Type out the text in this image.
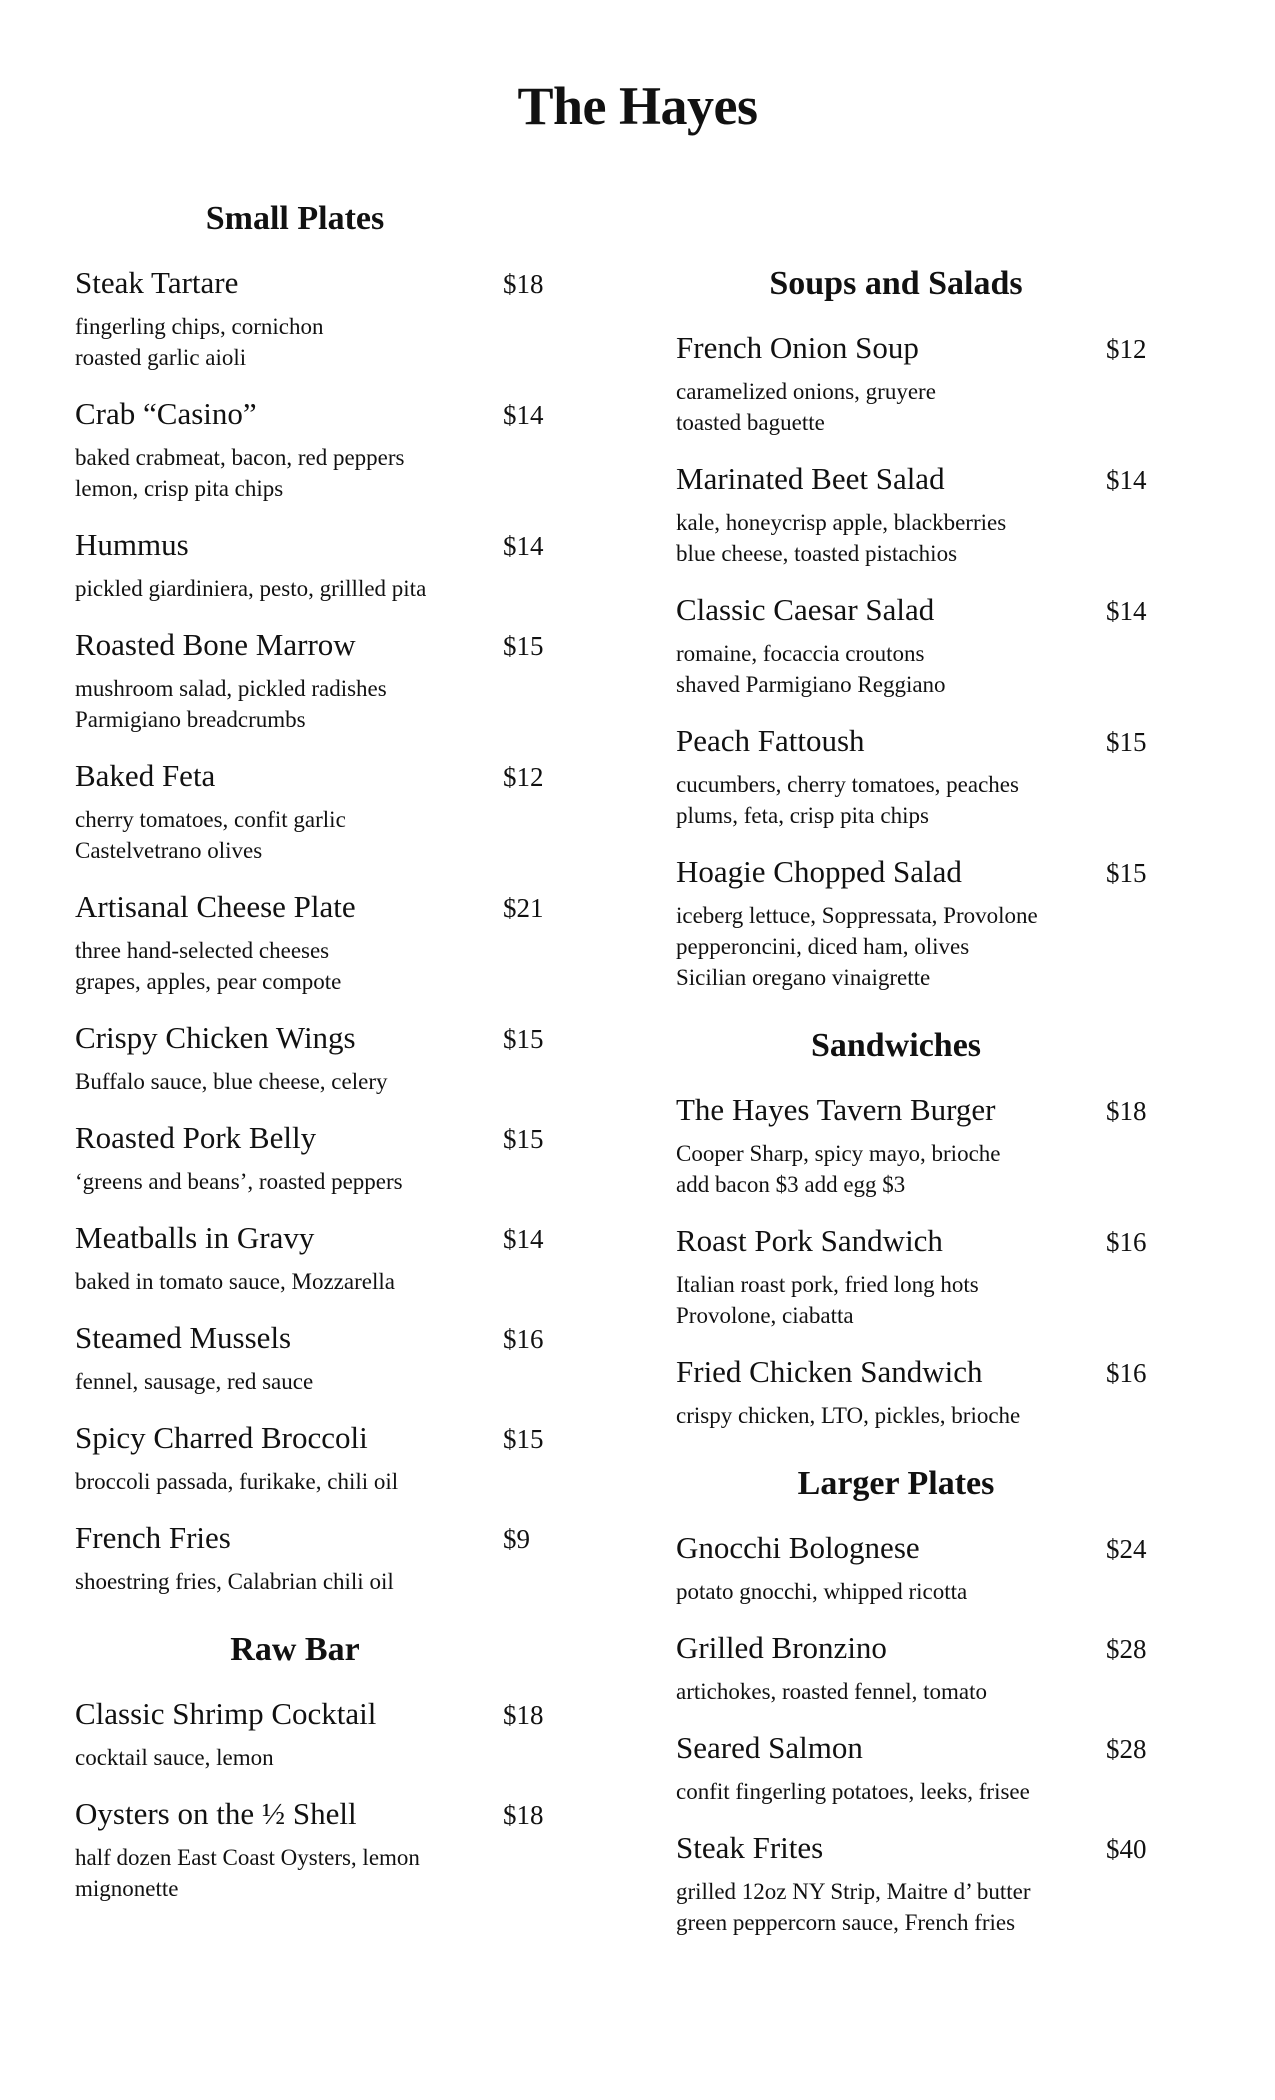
The Hayes
Small Plates
Steak Tartare	$18
fingerling chips, cornichon
roasted garlic aioli
Crab “Casino”	$14
baked crabmeat, bacon, red peppers
lemon, crisp pita chips
Hummus	$14
pickled giardiniera, pesto, grillled pita
Roasted Bone Marrow	$15
mushroom salad, pickled radishes
Parmigiano breadcrumbs
Baked Feta	$12
cherry tomatoes, confit garlic
Castelvetrano olives
Artisanal Cheese Plate	$21
three hand-selected cheeses
grapes, apples, pear compote
Crispy Chicken Wings	$15
Buffalo sauce, blue cheese, celery
Roasted Pork Belly	$15
‘greens and beans’, roasted peppers
Meatballs in Gravy	$14
baked in tomato sauce, Mozzarella
Steamed Mussels	$16
fennel, sausage, red sauce
Spicy Charred Broccoli	$15
broccoli passada, furikake, chili oil
French Fries	$9
shoestring fries, Calabrian chili oil
Raw Bar
Classic Shrimp Cocktail	$18
cocktail sauce, lemon
Oysters on the ½ Shell	$18
half dozen East Coast Oysters, lemon
mignonette
Soups and Salads
French Onion Soup	$12
caramelized onions, gruyere
toasted baguette
Marinated Beet Salad	$14
kale, honeycrisp apple, blackberries
blue cheese, toasted pistachios
Classic Caesar Salad	$14
romaine, focaccia croutons
shaved Parmigiano Reggiano
Peach Fattoush	$15
cucumbers, cherry tomatoes, peaches
plums, feta, crisp pita chips
Hoagie Chopped Salad	$15
iceberg lettuce, Soppressata, Provolone
pepperoncini, diced ham, olives
Sicilian oregano vinaigrette
Sandwiches
The Hayes Tavern Burger	$18
Cooper Sharp, spicy mayo, brioche
add bacon $3 add egg $3
Roast Pork Sandwich	$16
Italian roast pork, fried long hots
Provolone, ciabatta
Fried Chicken Sandwich	$16
crispy chicken, LTO, pickles, brioche
Larger Plates
Gnocchi Bolognese	$24
potato gnocchi, whipped ricotta
Grilled Bronzino	$28
artichokes, roasted fennel, tomato
Seared Salmon	$28
confit fingerling potatoes, leeks, frisee
Steak Frites	$40
grilled 12oz NY Strip, Maitre d’ butter
green peppercorn sauce, French fries
